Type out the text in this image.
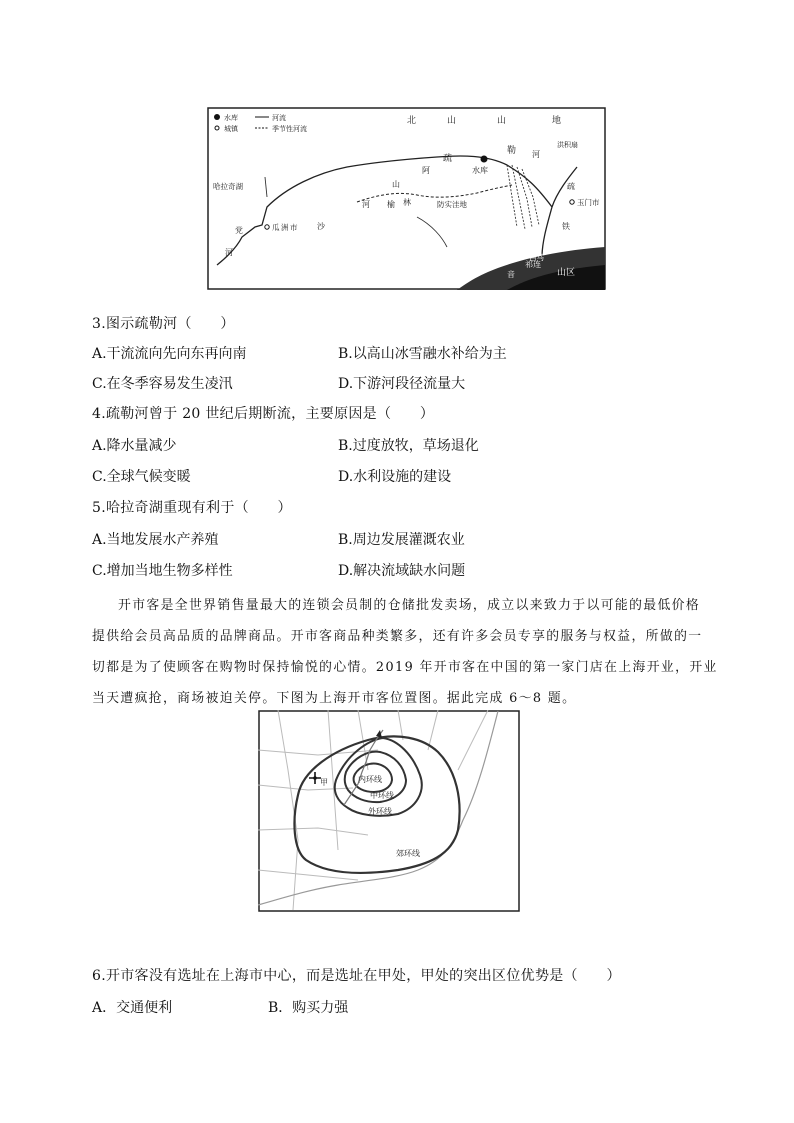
水库	河流
城镇	季节性河流
北	山	山	地
山区
祁连
水库
疏
勒 河
洪积扇
玉门市
哈拉奇湖
瓜 洲 市 沙
党
河
榆 林	防实洼地
山
河
阿
疏
铁
音
昌马
3.图示疏勒河（　　）
A.干流流向先向东再向南	B.以高山冰雪融水补给为主
C.在冬季容易发生凌汛	D.下游河段径流量大
4.疏勒河曾于 20 世纪后期断流，主要原因是（　　）
A.降水量减少	B.过度放牧，草场退化
C.全球气候变暖	D.水利设施的建设
5.哈拉奇湖重现有利于（　　）
A.当地发展水产养殖	B.周边发展灌溉农业
C.增加当地生物多样性	D.解决流域缺水问题
开市客是全世界销售量最大的连锁会员制的仓储批发卖场，成立以来致力于以可能的最低价格
提供给会员高品质的品牌商品。开市客商品种类繁多，还有许多会员专享的服务与权益，所做的一
切都是为了使顾客在购物时保持愉悦的心情。2019 年开市客在中国的第一家门店在上海开业，开业
当天遭疯抢，商场被迫关停。下图为上海开市客位置图。据此完成 6～8 题。
内环线
中环线
外环线
郊环线
甲
6.开市客没有选址在上海市中心，而是选址在甲处，甲处的突出区位优势是（　　）
A．交通便利	B．购买力强
